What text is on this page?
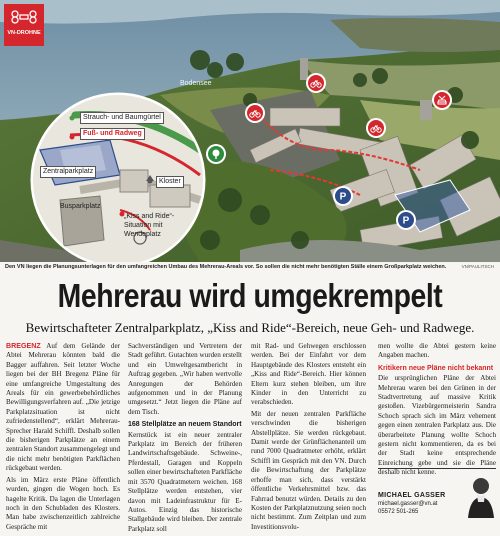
VN-DROHNE
Bodensee
P
P
Strauch- und Baumgürtel
Fuß- und Radweg
Zentralparkplatz
Kloster
Busparkplatz
„Kiss and Ride“-Situation mit Wendeplatz
Den VN liegen die Planungsunterlagen für den umfangreichen Umbau des Mehrerau-Areals vor. So sollen die nicht mehr benötigten Ställe einem Großparkplatz weichen.	VN/PAULITSCH
Mehrerau wird umgekrempelt
Bewirtschafteter Zentralparkplatz, „Kiss and Ride“-Bereich, neue Geh- und Radwege.

BREGENZ Auf dem Gelände der Abtei Mehrerau könnten bald die Bagger auffahren. Seit letzter Woche liegen bei der BH Bregenz Pläne für eine umfangreiche Umgestaltung des Areals für ein gewerbebehördliches Bewilligungsverfahren auf. „Die jetzige Parkplatzsituation ist nicht zufriedenstellend“, erklärt Mehrerau-Sprecher Harald Schiffl. Deshalb sollen die bisherigen Parkplätze an einem zentralen Standort zusammengelegt und die nicht mehr benötigten Parkflächen rückgebaut werden.

Als im März erste Pläne öffentlich wurden, gingen die Wogen hoch. Es hagelte Kritik. Da lagen die Unterlagen noch in den Schubladen des Klosters. Man habe zwischenzeitlich zahlreiche Gespräche mit

Sachverständigen und Vertretern der Stadt geführt. Gutachten wurden erstellt und ein Umweltgesamtbericht in Auftrag gegeben. „Wir haben wertvolle Anregungen der Behörden aufgenommen und in der Planung umgesetzt.“ Jetzt liegen die Pläne auf dem Tisch.

168 Stellplätze an neuem Standort

Kernstück ist ein neuer zentraler Parkplatz im Bereich der früheren Landwirtschaftsgebäude. Schweine-, Pferdestall, Garagen und Koppeln sollen einer bewirtschafteten Parkfläche mit 3570 Quadratmetern weichen. 168 Stellplätze werden entstehen, vier davon mit Ladeinfrastruktur für E-Autos. Einzig das historische Stallgebäude wird bleiben. Der zentrale Parkplatz soll

mit Rad- und Gehwegen erschlossen werden. Bei der Einfahrt vor dem Hauptgebäude des Klosters entsteht ein „Kiss and Ride“-Bereich. Hier können Eltern kurz stehen bleiben, um ihre Kinder in den Unterricht zu verabschieden.

Mit der neuen zentralen Parkfläche verschwinden die bisherigen Abstellplätze. Sie werden rückgebaut. Damit werde der Grünflächenanteil um rund 7000 Quadratmeter erhöht, erklärt Schiffl im Gespräch mit den VN. Durch die Bewirtschaftung der Parkplätze erhoffe man sich, dass verstärkt öffentliche Verkehrsmittel bzw. das Fahrrad benutzt würden. Details zu den Kosten der Parkplatznutzung seien noch nicht bestimmt. Zum Zeitplan und zum Investitionsvolu-

men wollte die Abtei gestern keine Angaben machen.

Kritikern neue Pläne nicht bekannt

Die ursprünglichen Pläne der Abtei Mehrerau waren bei den Grünen in der Stadtvertretung auf massive Kritik gestoßen. Vizebürgermeisterin Sandra Schoch sprach sich im März vehement gegen einen zentralen Parkplatz aus. Die überarbeitete Planung wollte Schoch gestern nicht kommentieren, da es bei der Stadt keine entsprechende Einreichung gebe und sie die Pläne deshalb nicht kenne.

MICHAEL GASSER
michael.gasser@vn.at
05572 501-265
